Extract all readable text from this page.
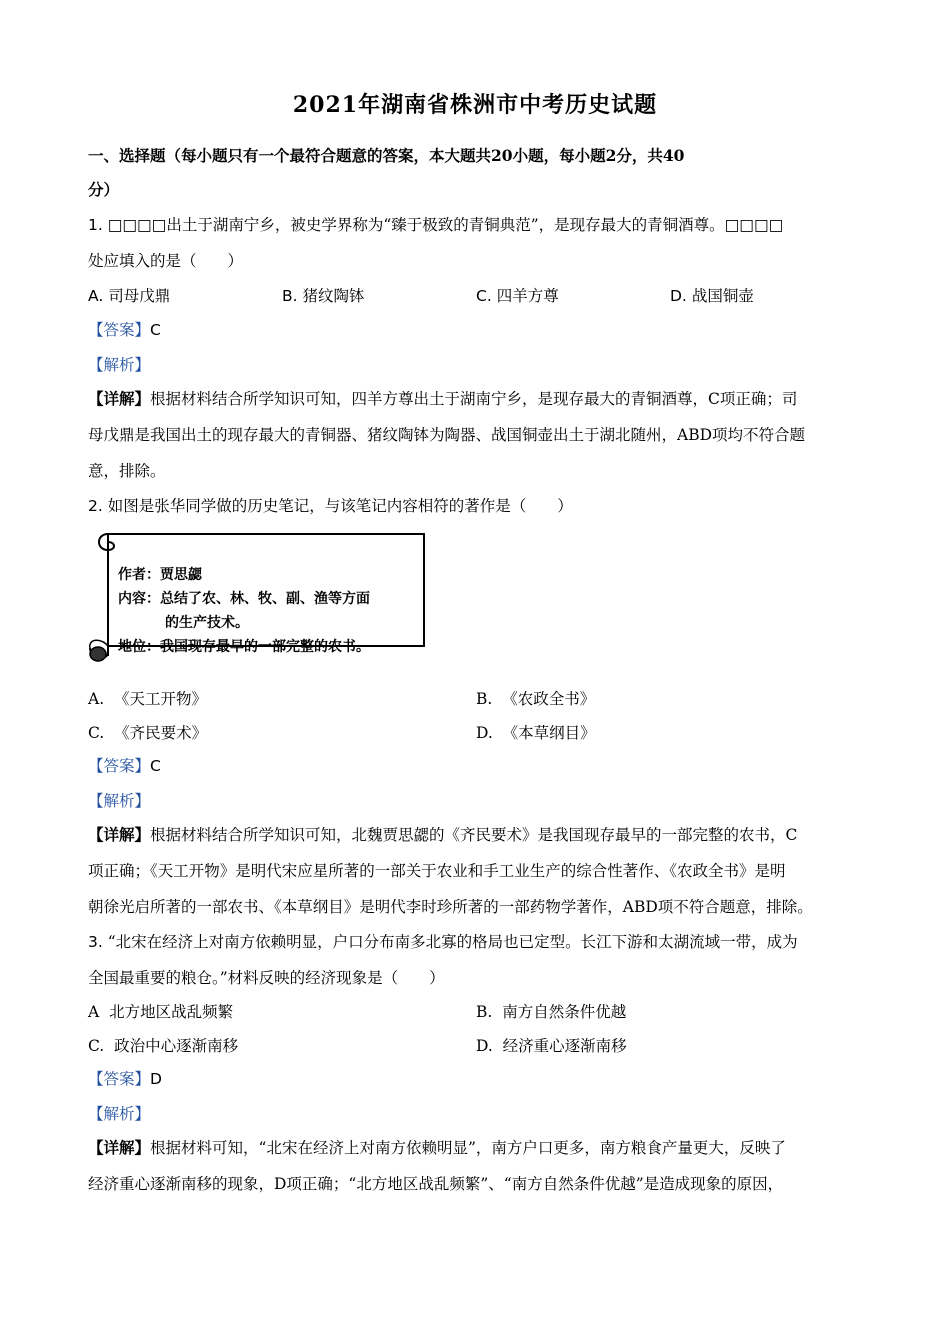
2021年湖南省株洲市中考历史试题
一、选择题（每小题只有一个最符合题意的答案，本大题共20小题，每小题2分，共40
分）
1. □□□□出土于湖南宁乡，被史学界称为“臻于极致的青铜典范”，是现存最大的青铜酒尊。□□□□
处应填入的是（　　）
A. 司母戊鼎	B. 猪纹陶钵	C. 四羊方尊	D. 战国铜壶
【答案】C
【解析】
【详解】根据材料结合所学知识可知，四羊方尊出土于湖南宁乡，是现存最大的青铜酒尊，C项正确；司
母戊鼎是我国出土的现存最大的青铜器、猪纹陶钵为陶器、战国铜壶出土于湖北随州，ABD项均不符合题
意，排除。
2. 如图是张华同学做的历史笔记，与该笔记内容相符的著作是（　　）
作者：贾思勰
内容：总结了农、林、牧、副、渔等方面
的生产技术。
地位：我国现存最早的一部完整的农书。
A. 《天工开物》	B. 《农政全书》
C. 《齐民要术》	D. 《本草纲目》
【答案】C
【解析】
【详解】根据材料结合所学知识可知，北魏贾思勰的《齐民要术》是我国现存最早的一部完整的农书，C
项正确；《天工开物》是明代宋应星所著的一部关于农业和手工业生产的综合性著作、《农政全书》是明
朝徐光启所著的一部农书、《本草纲目》是明代李时珍所著的一部药物学著作，ABD项不符合题意，排除。
3. “北宋在经济上对南方依赖明显，户口分布南多北寡的格局也已定型。长江下游和太湖流域一带，成为
全国最重要的粮仓。”材料反映的经济现象是（　　）
A 北方地区战乱频繁	B. 南方自然条件优越
C. 政治中心逐渐南移	D. 经济重心逐渐南移
【答案】D
【解析】
【详解】根据材料可知，“北宋在经济上对南方依赖明显”，南方户口更多，南方粮食产量更大，反映了
经济重心逐渐南移的现象，D项正确；“北方地区战乱频繁”、“南方自然条件优越”是造成现象的原因，
